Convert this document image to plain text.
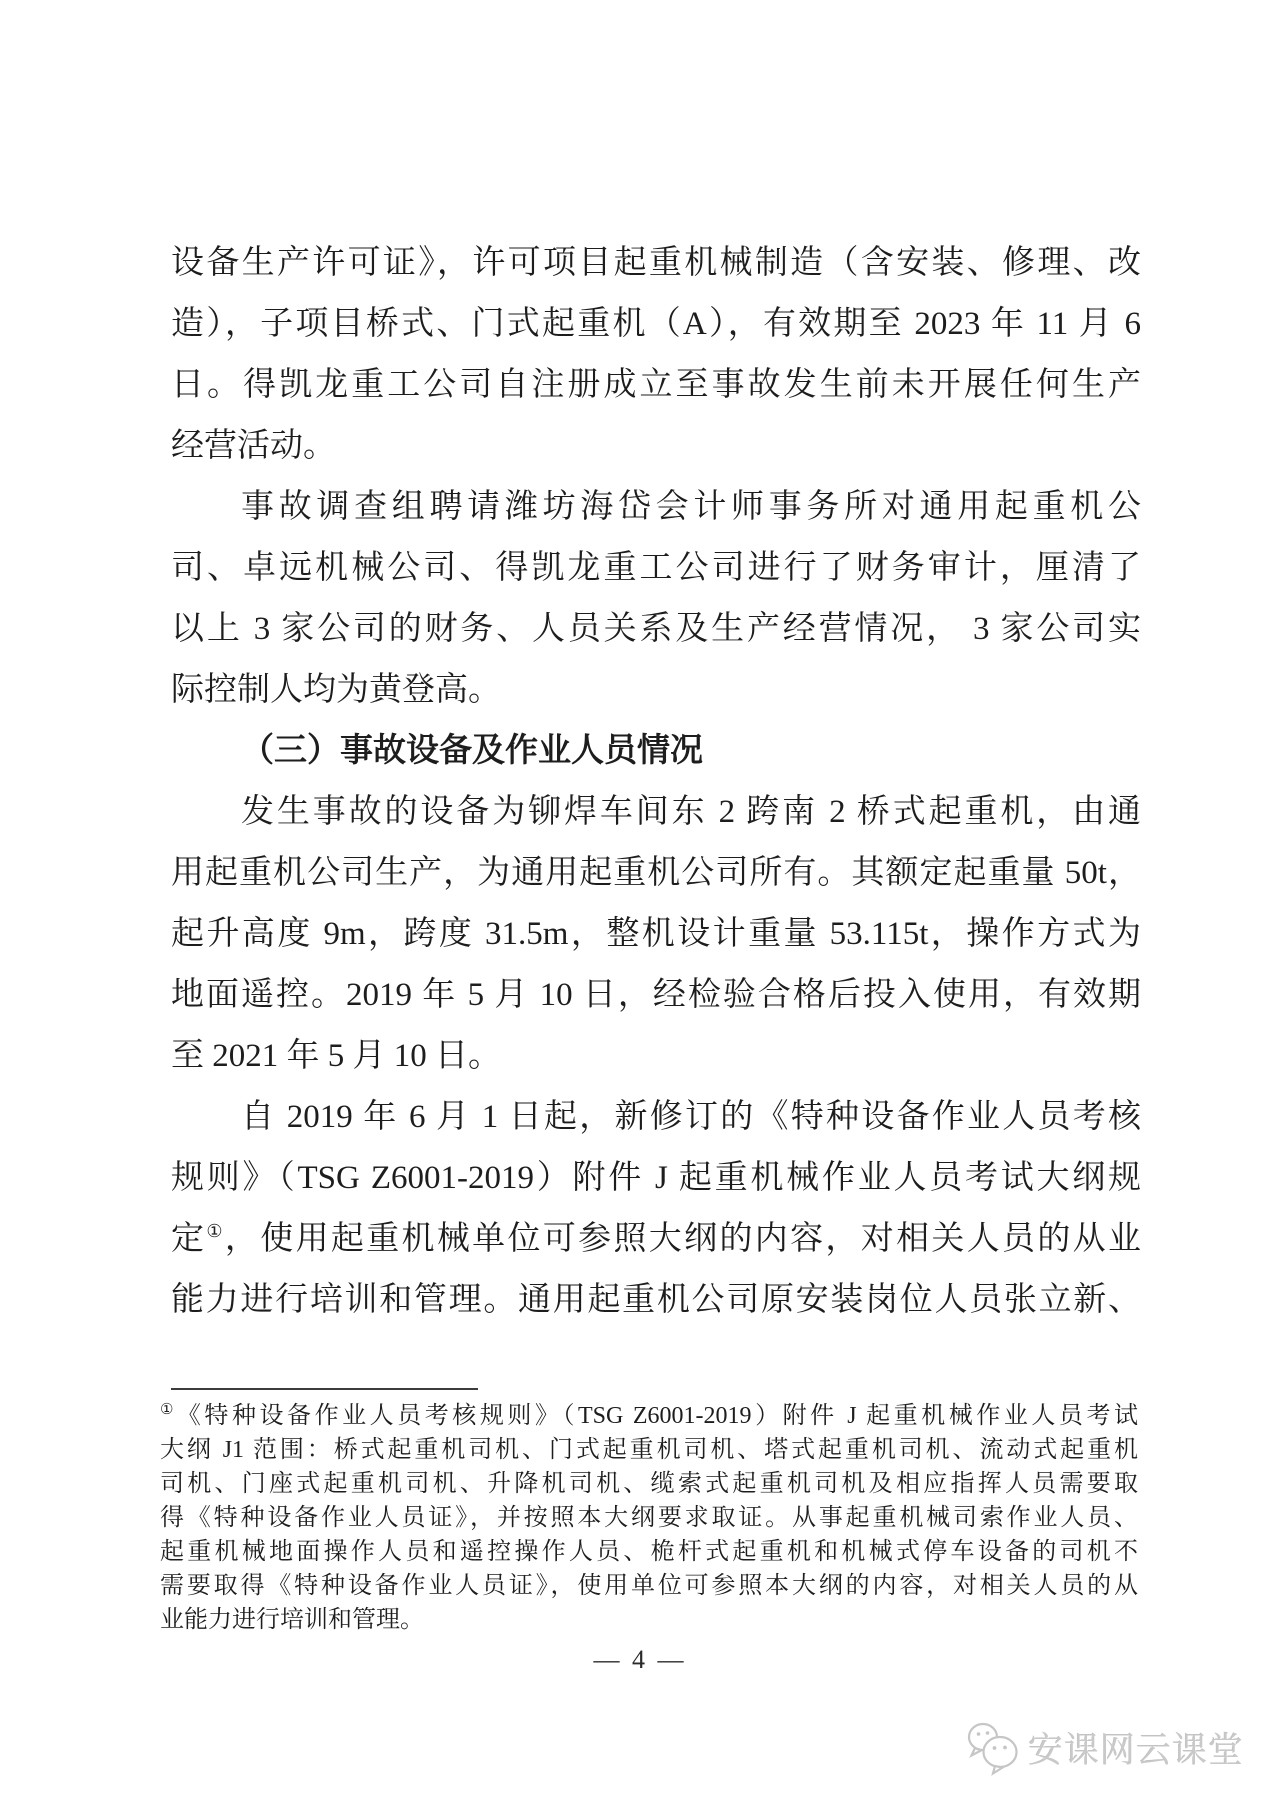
设备生产许可证》，许可项目起重机械制造（含安装、修理、改
造），子项目桥式、门式起重机（A），有效期至 2023 年 11 月 6
日。得凯龙重工公司自注册成立至事故发生前未开展任何生产
经营活动。
事故调查组聘请潍坊海岱会计师事务所对通用起重机公
司、卓远机械公司、得凯龙重工公司进行了财务审计，厘清了
以上 3 家公司的财务、人员关系及生产经营情况， 3 家公司实
际控制人均为黄登高。
（三）事故设备及作业人员情况
发生事故的设备为铆焊车间东 2 跨南 2 桥式起重机，由通
用起重机公司生产，为通用起重机公司所有。其额定起重量 50t，
起升高度 9m，跨度 31.5m，整机设计重量 53.115t，操作方式为
地面遥控。2019 年 5 月 10 日，经检验合格后投入使用，有效期
至 2021 年 5 月 10 日。
自 2019 年 6 月 1 日起，新修订的《特种设备作业人员考核
规则》（TSG Z6001-2019）附件 J 起重机械作业人员考试大纲规
定①，使用起重机械单位可参照大纲的内容，对相关人员的从业
能力进行培训和管理。通用起重机公司原安装岗位人员张立新、
①《特种设备作业人员考核规则》（TSG Z6001-2019）附件 J 起重机械作业人员考试
大纲 J1 范围：桥式起重机司机、门式起重机司机、塔式起重机司机、流动式起重机
司机、门座式起重机司机、升降机司机、缆索式起重机司机及相应指挥人员需要取
得《特种设备作业人员证》，并按照本大纲要求取证。从事起重机械司索作业人员、
起重机械地面操作人员和遥控操作人员、桅杆式起重机和机械式停车设备的司机不
需要取得《特种设备作业人员证》，使用单位可参照本大纲的内容，对相关人员的从
业能力进行培训和管理。
— 4 —
安课网云课堂
